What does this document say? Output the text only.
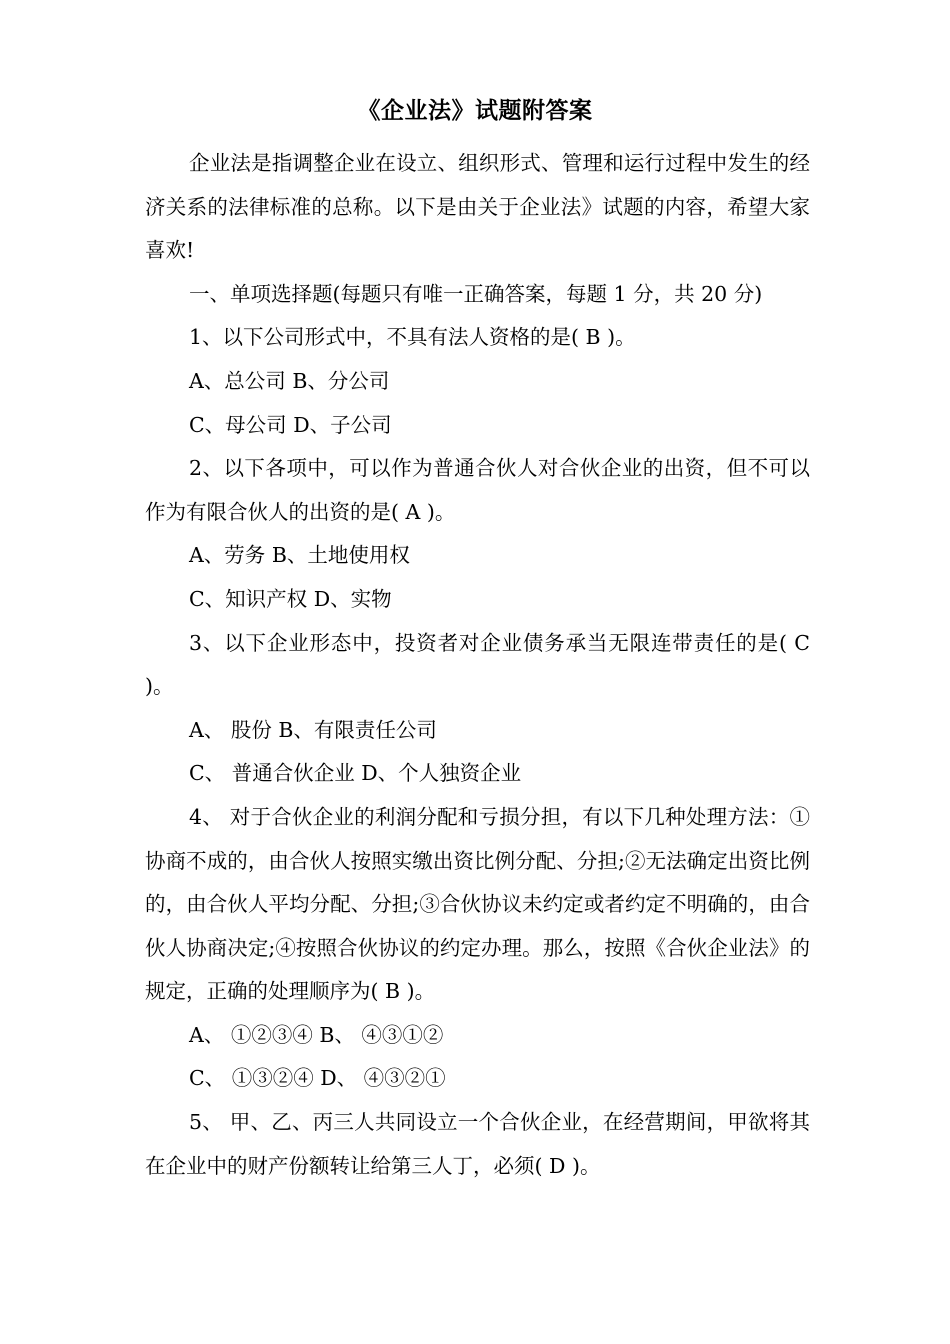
《企业法》试题附答案

企业法是指调整企业在设立、组织形式、管理和运行过程中发生的经济关系的法律标准的总称。以下是由关于企业法》试题的内容，希望大家喜欢!

一、单项选择题(每题只有唯一正确答案，每题 1 分，共 20 分)

1、以下公司形式中，不具有法人资格的是( B )。

A、总公司 B、分公司

C、母公司 D、子公司

2、以下各项中，可以作为普通合伙人对合伙企业的出资，但不可以作为有限合伙人的出资的是( A )。

A、劳务 B、土地使用权

C、知识产权 D、实物

3、以下企业形态中，投资者对企业债务承当无限连带责任的是( C )。

A、 股份 B、有限责任公司

C、 普通合伙企业 D、个人独资企业

4、 对于合伙企业的利润分配和亏损分担，有以下几种处理方法：①协商不成的，由合伙人按照实缴出资比例分配、分担;②无法确定出资比例的，由合伙人平均分配、分担;③合伙协议未约定或者约定不明确的，由合伙人协商决定;④按照合伙协议的约定办理。那么，按照《合伙企业法》的规定，正确的处理顺序为( B )。

A、 ①②③④ B、 ④③①②

C、 ①③②④ D、 ④③②①

5、 甲、乙、丙三人共同设立一个合伙企业，在经营期间，甲欲将其在企业中的财产份额转让给第三人丁，必须( D )。
